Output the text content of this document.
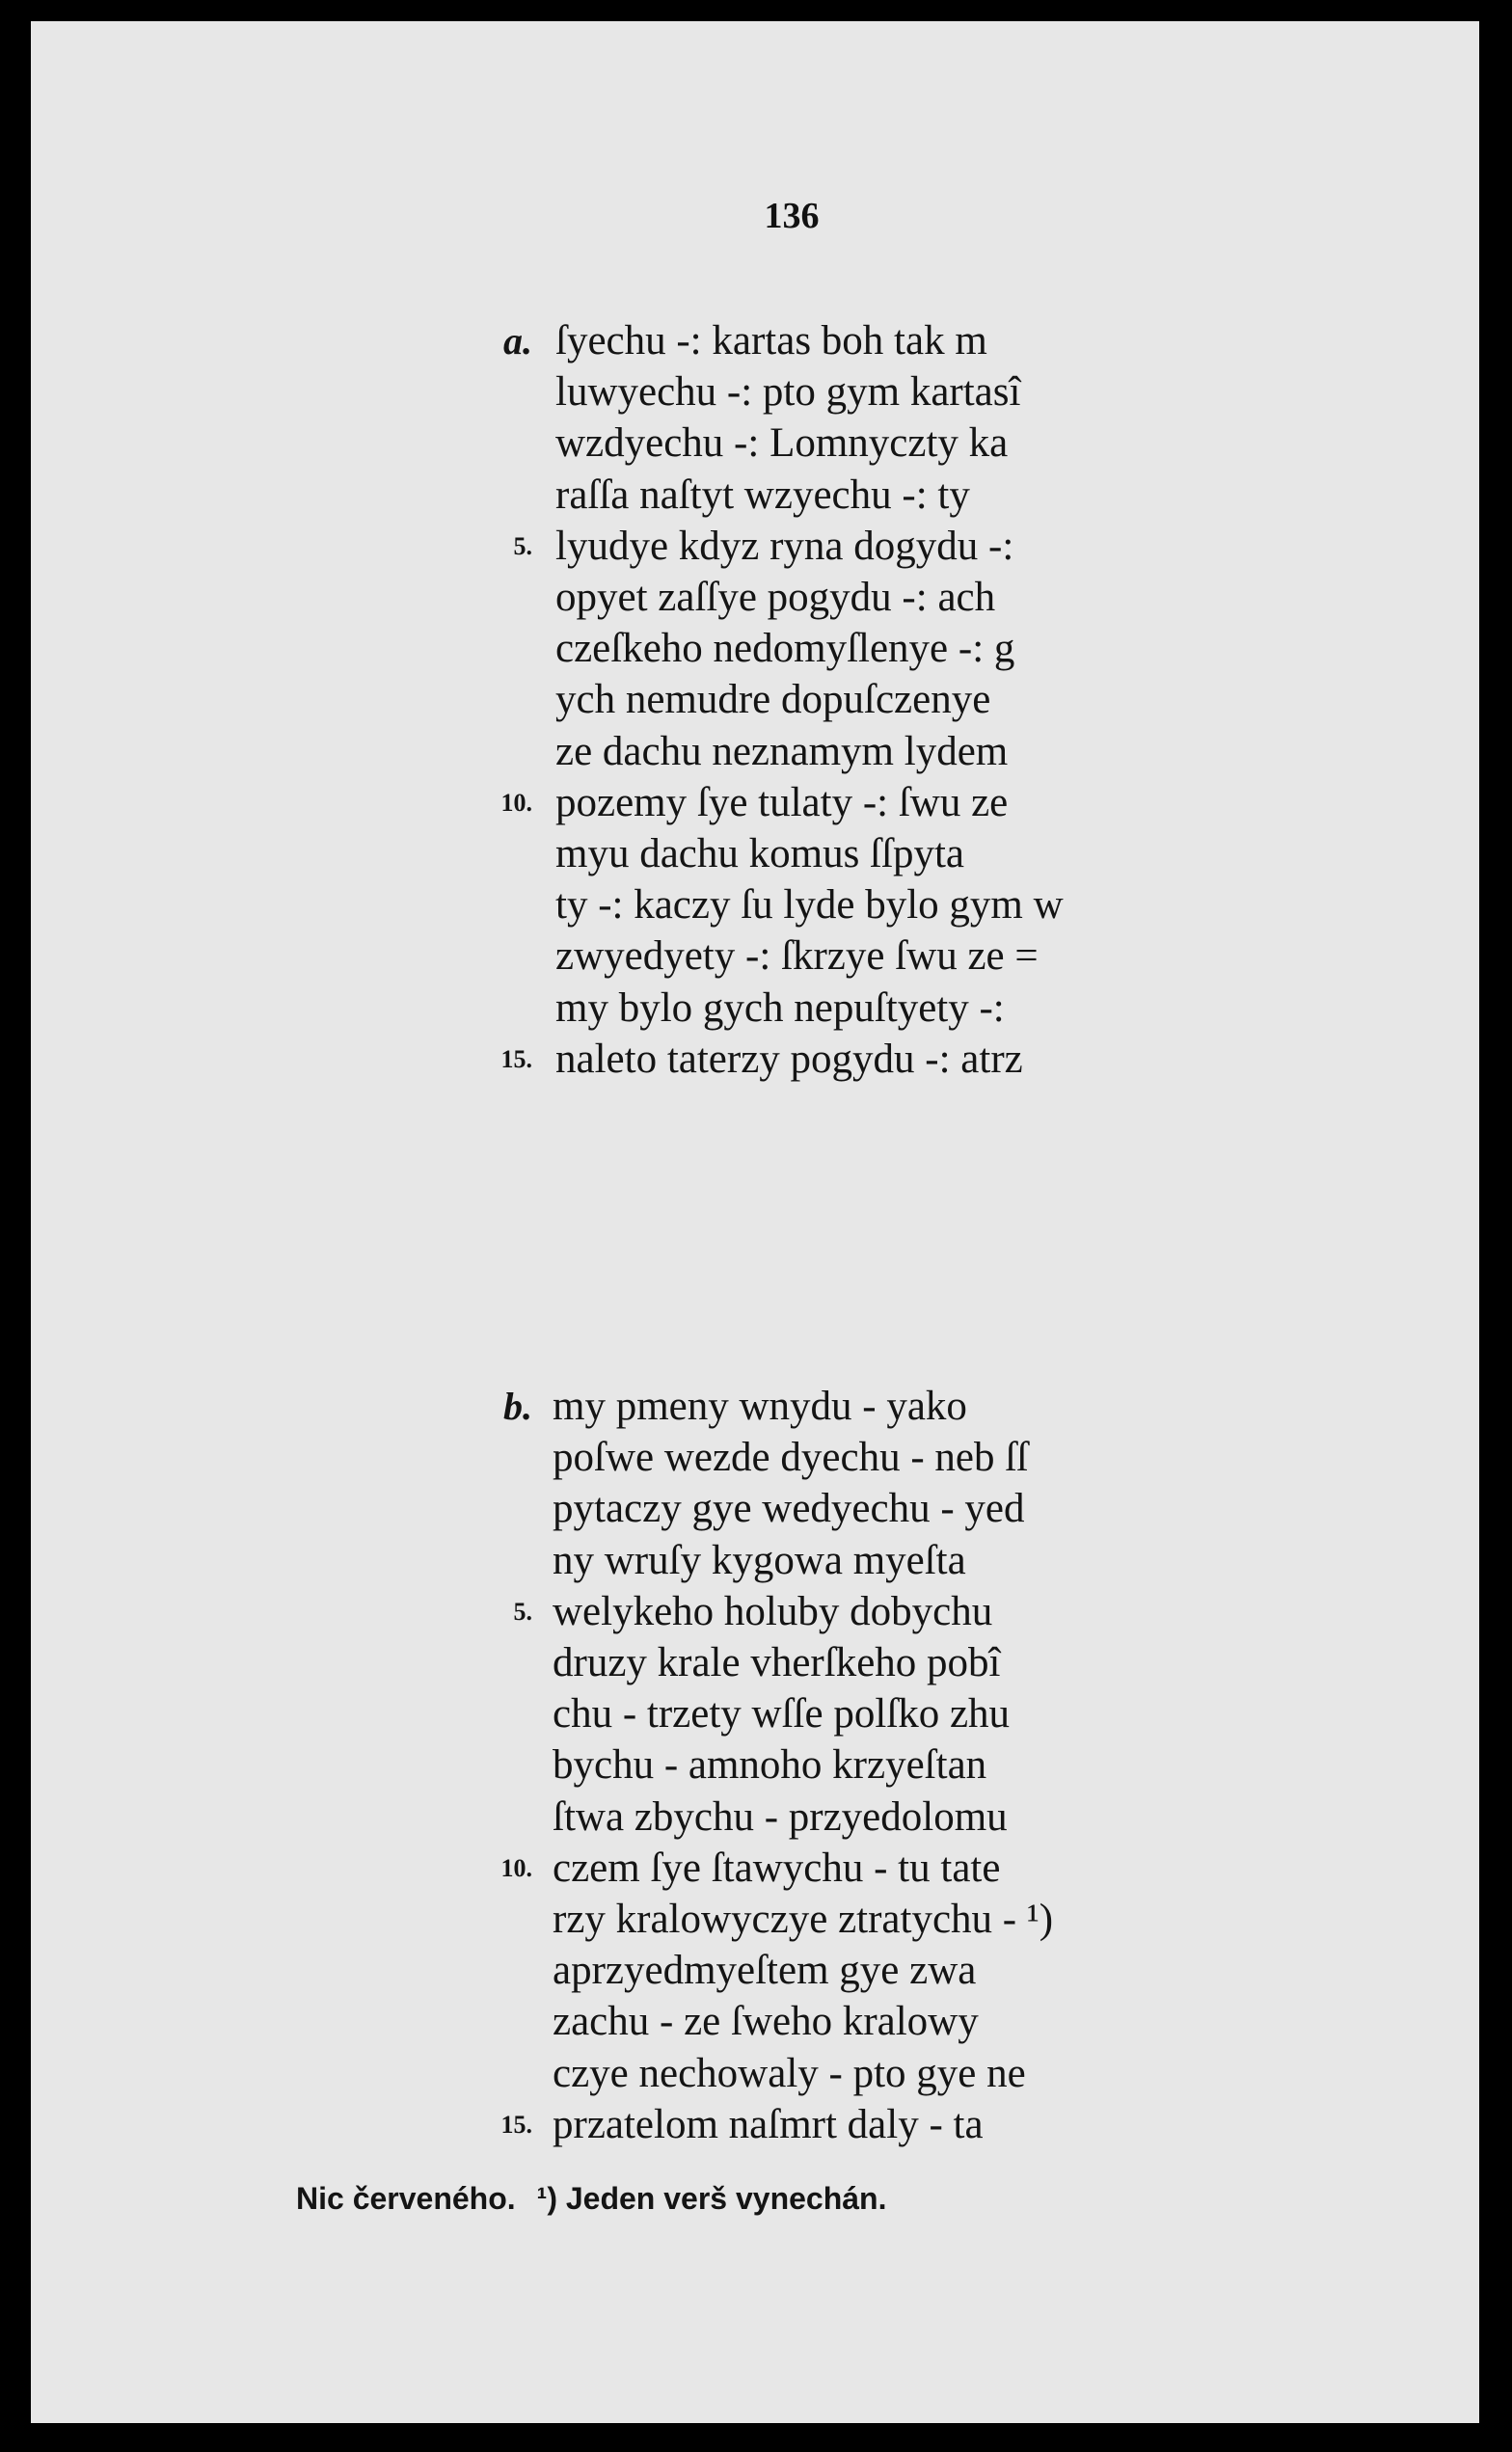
136
a. ſyechu -: kartas boh tak m
luwyechu -: pto gym kartasî
wzdyechu -: Lomnyczty ka
raſſa naſtyt wzyechu -: ty
5. lyudye kdyz ryna dogydu -:
opyet zaſſye pogydu -: ach
czeſkeho nedomyſlenye -: g
ych nemudre dopuſczenye
ze dachu neznamym lydem
10. pozemy ſye tulaty -: ſwu ze
myu dachu komus ſſpyta
ty -: kaczy ſu lyde bylo gym w
zwyedyety -: ſkrzye ſwu ze =
my bylo gych nepuſtyety -:
15. naleto taterzy pogydu -: atrz
b. my pmeny wnydu - yako
poſwe wezde dyechu - neb ſſ
pytaczy gye wedyechu - yed
ny wruſy kygowa myeſta
5. welykeho holuby dobychu
druzy krale vherſkeho pobî
chu - trzety wſſe polſko zhu
bychu - amnoho krzyeſtan
ſtwa zbychu - przyedolomu
10. czem ſye ſtawychu - tu tate
rzy kralowyczye ztratychu - ¹)
aprzyedmyeſtem gye zwa
zachu - ze ſweho kralowy
czye nechowaly - pto gye ne
15. przatelom naſmrt daly - ta
Nic červeného. ¹) Jeden verš vynechán.
